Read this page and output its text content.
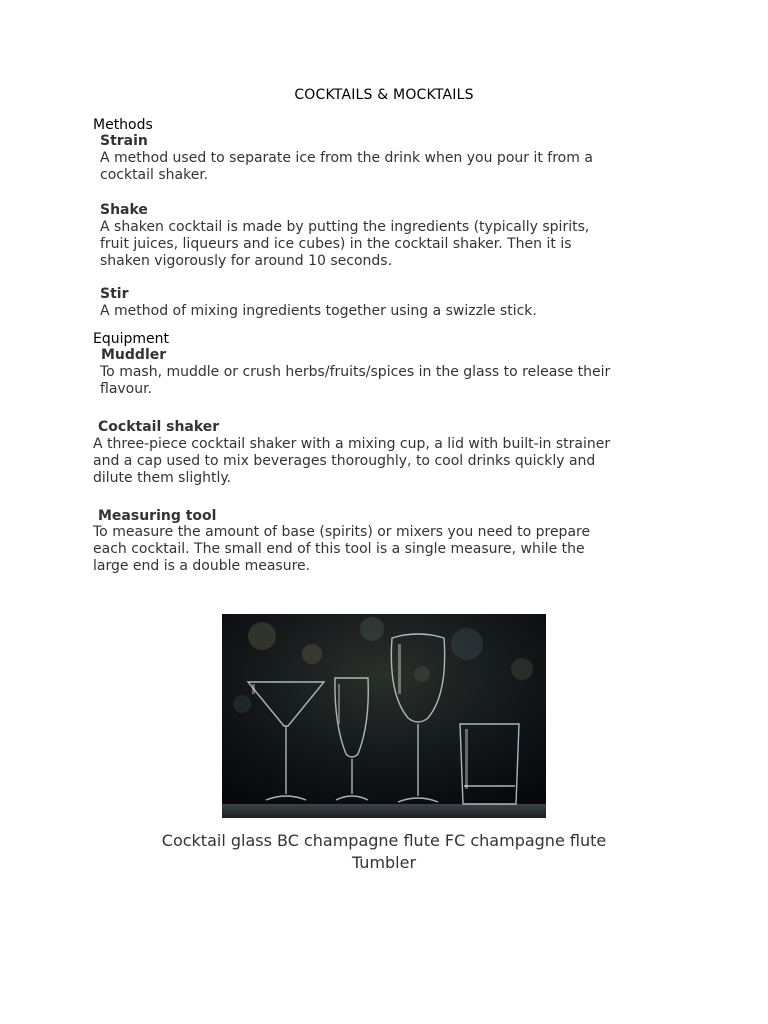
COCKTAILS & MOCKTAILS
Methods
Strain
A method used to separate ice from the drink when you pour it from a
cocktail shaker.
Shake
A shaken cocktail is made by putting the ingredients (typically spirits,
fruit juices, liqueurs and ice cubes) in the cocktail shaker. Then it is
shaken vigorously for around 10 seconds.
Stir
A method of mixing ingredients together using a swizzle stick.
Equipment
Muddler
To mash, muddle or crush herbs/fruits/spices in the glass to release their
flavour.
Cocktail shaker
A three-piece cocktail shaker with a mixing cup, a lid with built-in strainer
and a cap used to mix beverages thoroughly, to cool drinks quickly and
dilute them slightly.
Measuring tool
To measure the amount of base (spirits) or mixers you need to prepare
each cocktail. The small end of this tool is a single measure, while the
large end is a double measure.
Cocktail glass BC champagne flute FC champagne flute
Tumbler
